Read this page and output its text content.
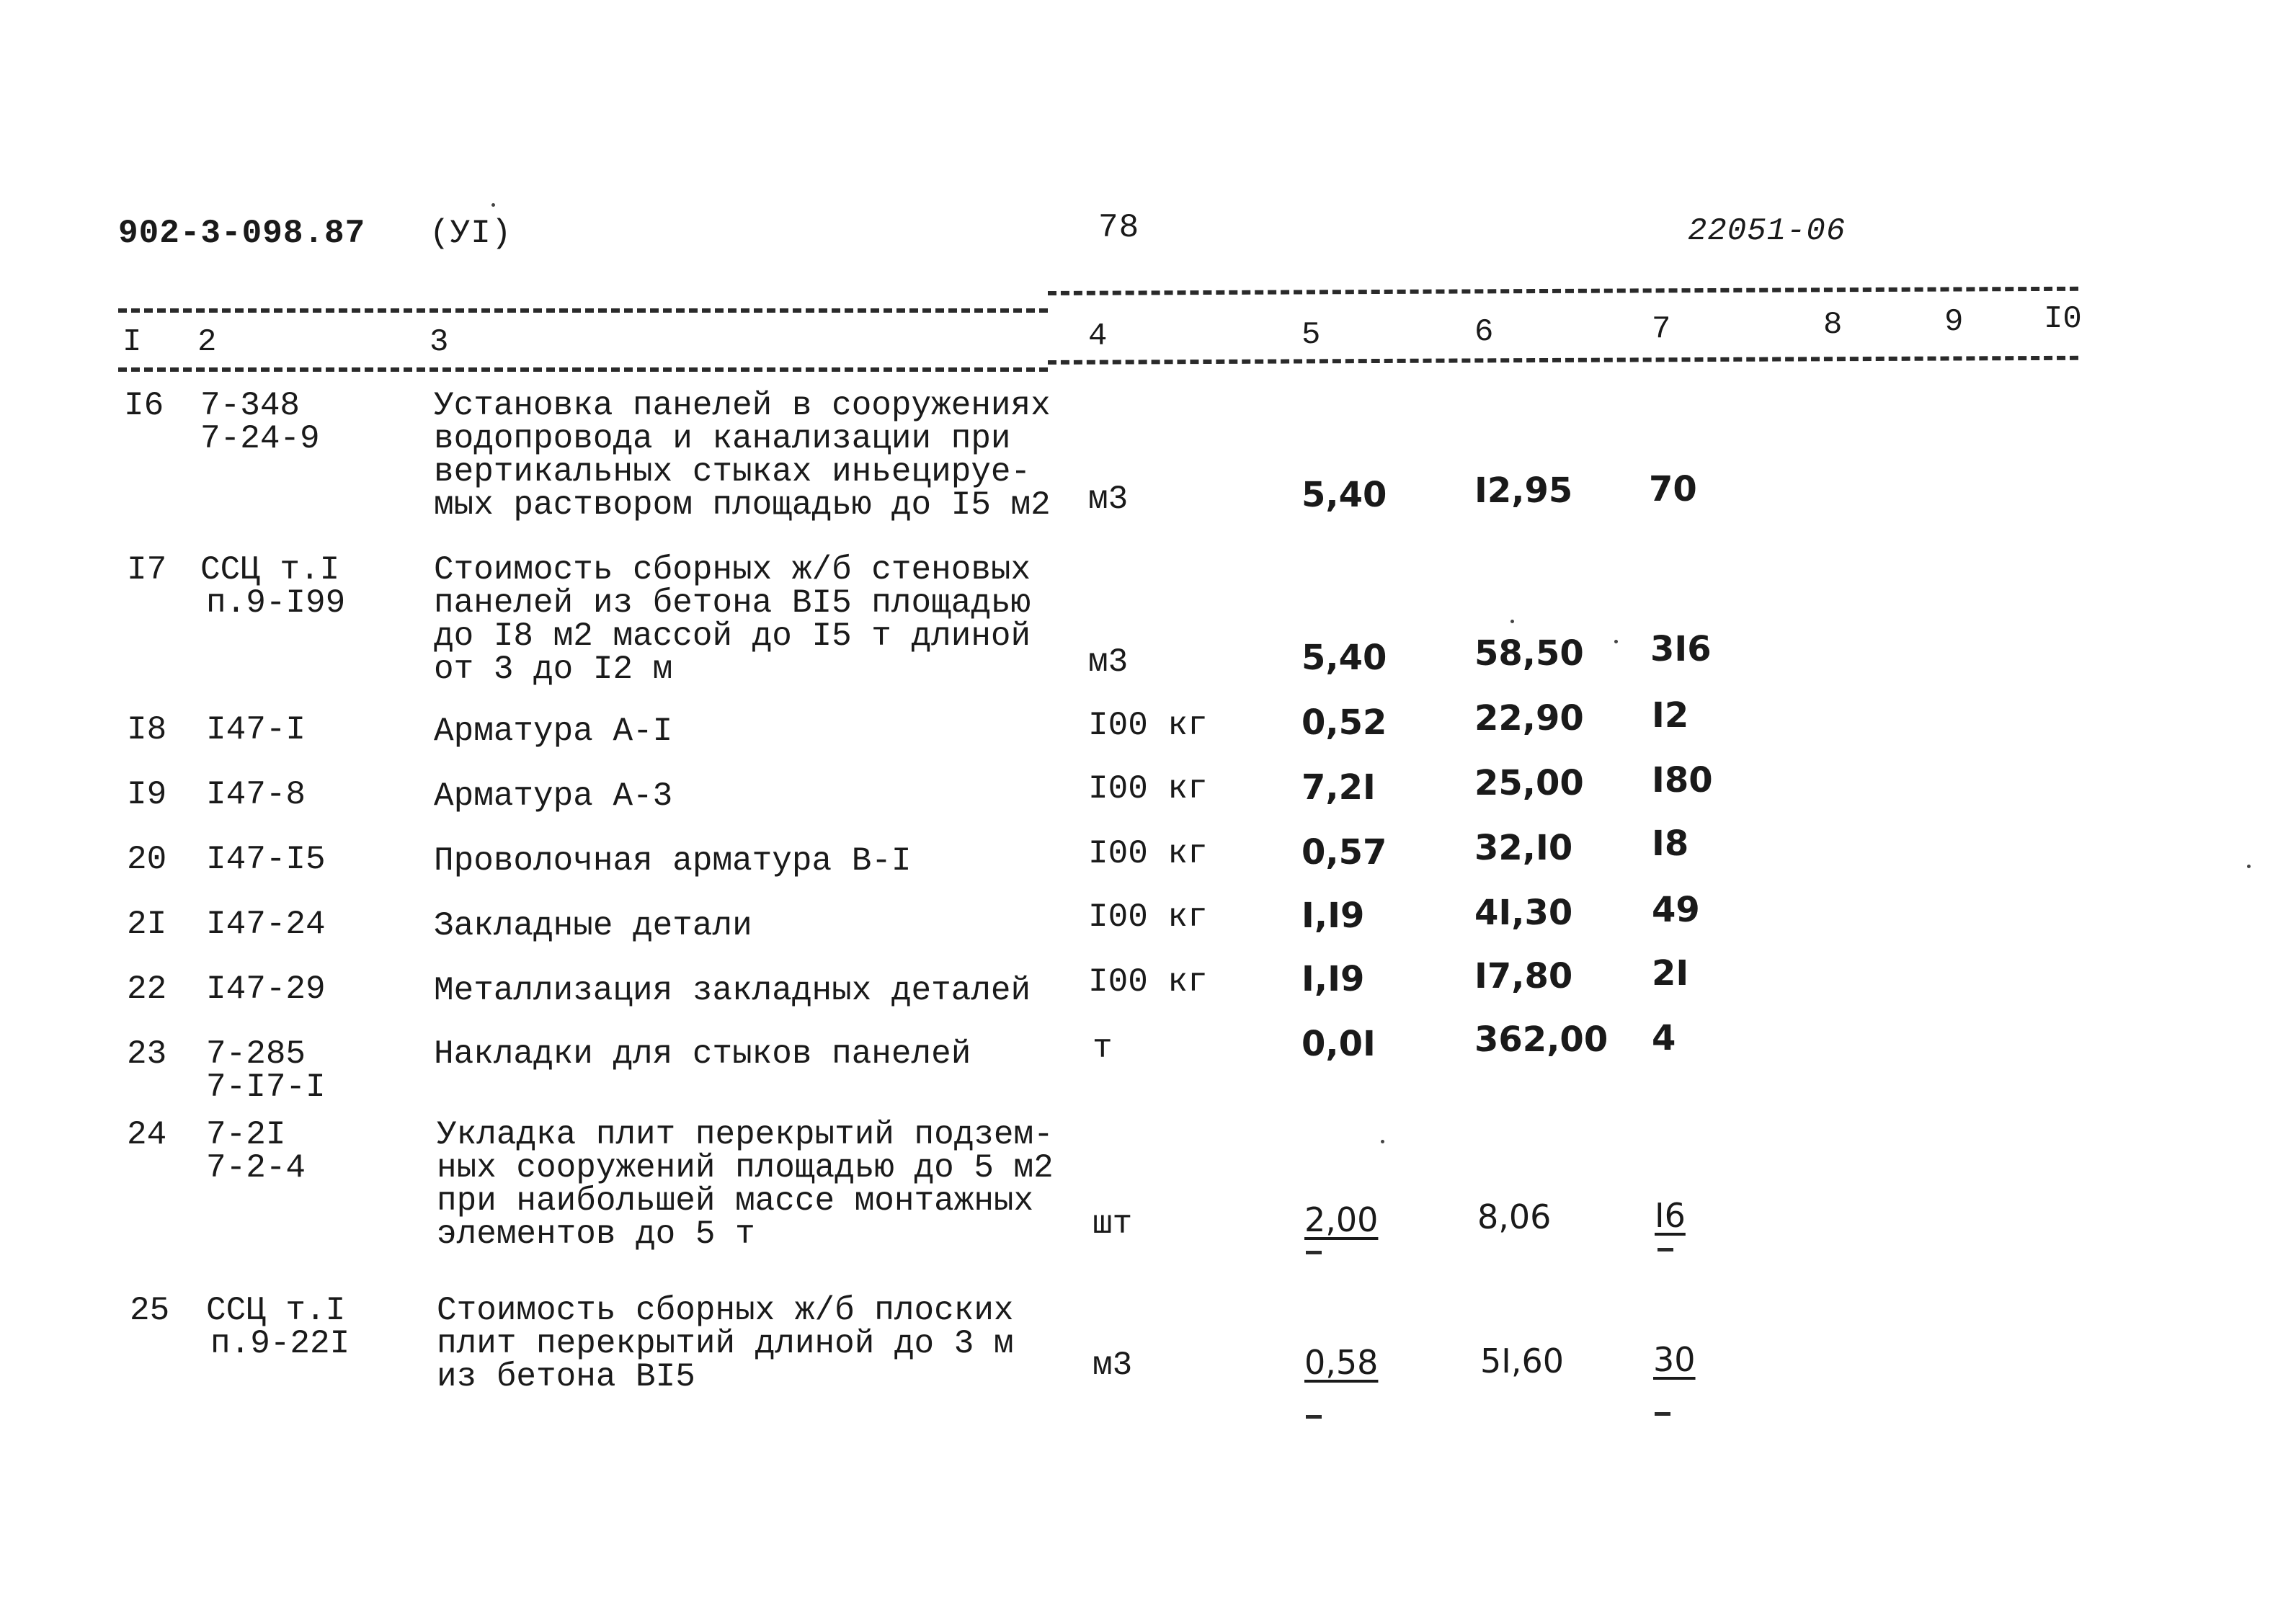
902-3-098.87 (УI)	78	22051-06
I 2	3	4	5	6	7	8	9	I0
I6 7-348
7-24-9
Установка панелей в сооружениях
водопровода и канализации при
вертикальных стыках иньецируе-
мых раствором площадью до I5 м2 м3	5,40	I2,95 70
I7 ССЦ т.I
п.9-I99
Стоимость сборных ж/б стеновых
панелей из бетона BI5 площадью
до I8 м2 массой до I5 т длиной
от 3 до I2 м	м3	5,40	58,50 3I6
I8 I47-I	Арматура А-I	I00 кг	0,52	22,90 I2
I9 I47-8	Арматура А-3	I00 кг	7,2I	25,00 I80
20 I47-I5	Проволочная арматура В-I	I00 кг	0,57	32,I0 I8
2I I47-24	Закладные детали	I00 кг	I,I9	4I,30 49
22 I47-29	Металлизация закладных деталей I00 кг	I,I9	I7,80 2I
23 7-285
7-I7-I
Накладки для стыков панелей	т	0,0I	362,00 4
24 7-2I
7-2-4
Укладка плит перекрытий подзем-
ных сооружений площадью до 5 м2
при наибольшей массе монтажных
элементов до 5 т	шт	2,00	8,06	I6
25 ССЦ т.I
п.9-22I
Стоимость сборных ж/б плоских
плит перекрытий длиной до 3 м
из бетона BI5	м3	0,58	5I,60	30
